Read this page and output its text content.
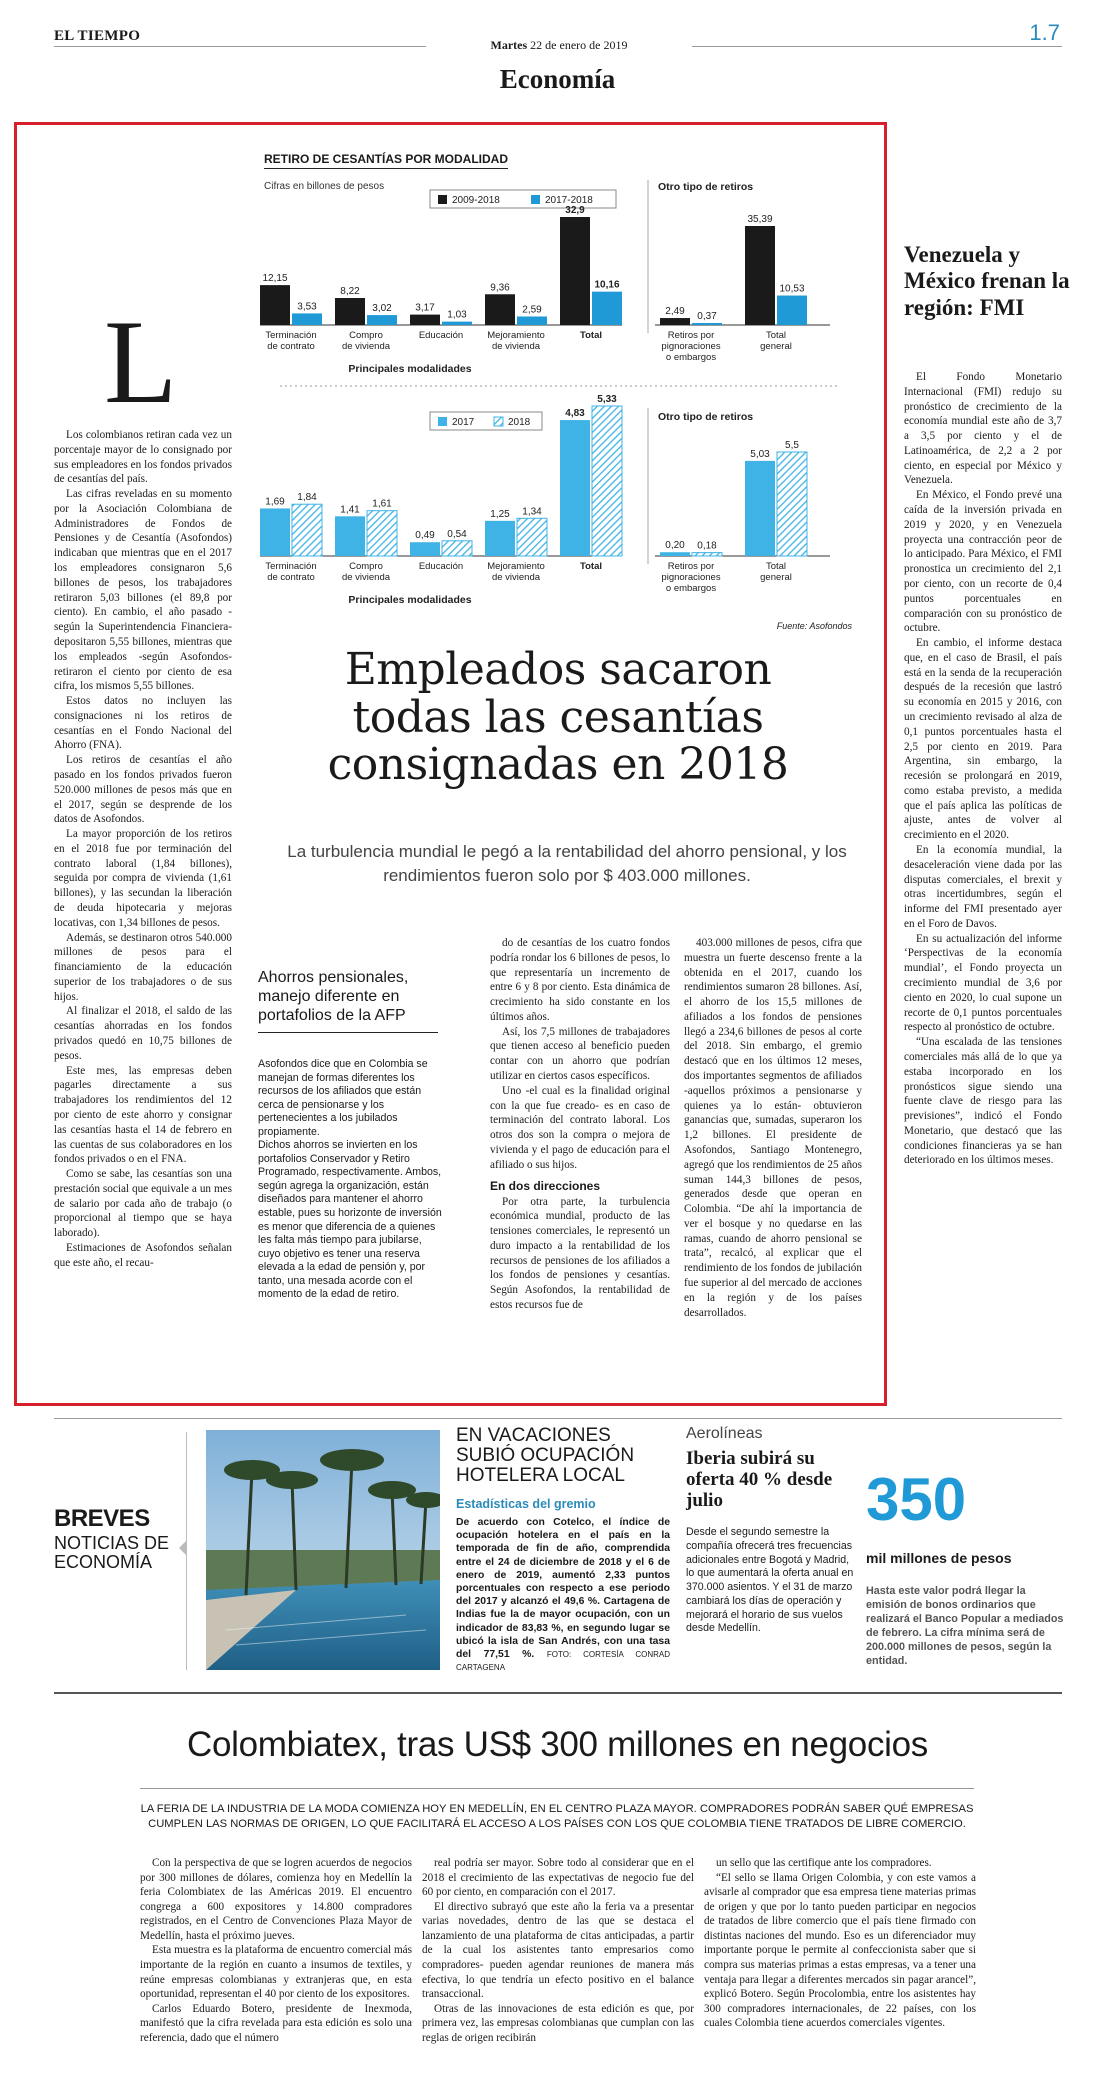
EL TIEMPO
Martes 22 de enero de 2019	1.7
Economía
RETIRO DE CESANTÍAS POR MODALIDAD
Cifras en billones de pesos
2009-2018	2017-2018
12,15
3,53
Terminación
de contrato
8,22
3,02
Compro
de vivienda
3,17
1,03
Educación
9,36
2,59
Mejoramiento
de vivienda
32,9
10,16
Total
Principales modalidades
Otro tipo de retiros
2,49 0,37
Retiros por
pignoraciones
o embargos
35,39
10,53
Total
general
2017	2018
1,69 1,84
Terminación
de contrato
1,41
1,61
Compro
de vivienda
0,49 0,54
Educación
1,25 1,34
Mejoramiento
de vivienda
4,83
5,33
Total
Principales modalidades
Otro tipo de retiros
0,20 0,18
Retiros por
pignoraciones
o embargos
5,03
5,5
Total
general
Fuente: Asofondos
L

Los colombianos retiran cada vez un porcentaje mayor de lo consignado por sus empleadores en los fondos privados de cesantías del país.

Las cifras reveladas en su momento por la Asociación Colombiana de Administradores de Fondos de Pensiones y de Cesantía (Asofondos) indicaban que mientras que en el 2017 los empleadores consignaron 5,6 billones de pesos, los trabajadores retiraron 5,03 billones (el 89,8 por ciento). En cambio, el año pasado -según la Superintendencia Financiera- depositaron 5,55 billones, mientras que los empleados -según Asofondos- retiraron el ciento por ciento de esa cifra, los mismos 5,55 billones.

Estos datos no incluyen las consignaciones ni los retiros de cesantías en el Fondo Nacional del Ahorro (FNA).

Los retiros de cesantías el año pasado en los fondos privados fueron 520.000 millones de pesos más que en el 2017, según se desprende de los datos de Asofondos.

La mayor proporción de los retiros en el 2018 fue por terminación del contrato laboral (1,84 billones), seguida por compra de vivienda (1,61 billones), y las secundan la liberación de deuda hipotecaria y mejoras locativas, con 1,34 billones de pesos.

Además, se destinaron otros 540.000 millones de pesos para el financiamiento de la educación superior de los trabajadores o de sus hijos.

Al finalizar el 2018, el saldo de las cesantías ahorradas en los fondos privados quedó en 10,75 billones de pesos.

Este mes, las empresas deben pagarles directamente a sus trabajadores los rendimientos del 12 por ciento de este ahorro y consignar las cesantías hasta el 14 de febrero en las cuentas de sus colaboradores en los fondos privados o en el FNA.

Como se sabe, las cesantías son una prestación social que equivale a un mes de salario por cada año de trabajo (o proporcional al tiempo que se haya laborado).

Estimaciones de Asofondos señalan que este año, el recau-

Empleados sacaron
todas las cesantías
consignadas en 2018
La turbulencia mundial le pegó a la rentabilidad del ahorro pensional, y los rendimientos fueron solo por $ 403.000 millones.
Ahorros pensionales, manejo diferente en portafolios de la AFP

Asofondos dice que en Colombia se manejan de formas diferentes los recursos de los afiliados que están cerca de pensionarse y los pertenecientes a los jubilados propiamente.

Dichos ahorros se invierten en los portafolios Conservador y Retiro Programado, respectivamente. Ambos, según agrega la organización, están diseñados para mantener el ahorro estable, pues su horizonte de inversión es menor que diferencia de a quienes les falta más tiempo para jubilarse, cuyo objetivo es tener una reserva elevada a la edad de pensión y, por tanto, una mesada acorde con el momento de la edad de retiro.

do de cesantías de los cuatro fondos podría rondar los 6 billones de pesos, lo que representaría un incremento de entre 6 y 8 por ciento. Esta dinámica de crecimiento ha sido constante en los últimos años.

Así, los 7,5 millones de trabajadores que tienen acceso al beneficio pueden contar con un ahorro que podrían utilizar en ciertos casos específicos.

Uno -el cual es la finalidad original con la que fue creado- es en caso de terminación del contrato laboral. Los otros dos son la compra o mejora de vivienda y el pago de educación para el afiliado o sus hijos.

En dos direcciones

Por otra parte, la turbulencia económica mundial, producto de las tensiones comerciales, le representó un duro impacto a la rentabilidad de los recursos de pensiones de los afiliados a los fondos de pensiones y cesantías. Según Asofondos, la rentabilidad de estos recursos fue de

403.000 millones de pesos, cifra que muestra un fuerte descenso frente a la obtenida en el 2017, cuando los rendimientos sumaron 28 billones. Así, el ahorro de los 15,5 millones de afiliados a los fondos de pensiones llegó a 234,6 billones de pesos al corte del 2018. Sin embargo, el gremio destacó que en los últimos 12 meses, dos importantes segmentos de afiliados -aquellos próximos a pensionarse y quienes ya lo están- obtuvieron ganancias que, sumadas, superaron los 1,2 billones. El presidente de Asofondos, Santiago Montenegro, agregó que los rendimientos de 25 años suman 144,3 billones de pesos, generados desde que operan en Colombia. “De ahí la importancia de ver el bosque y no quedarse en las ramas, cuando de ahorro pensional se trata”, recalcó, al explicar que el rendimiento de los fondos de jubilación fue superior al del mercado de acciones en la región y de los países desarrollados.

Venezuela y México frenan la región: FMI

El Fondo Monetario Internacional (FMI) redujo su pronóstico de crecimiento de la economía mundial este año de 3,7 a 3,5 por ciento y el de Latinoamérica, de 2,2 a 2 por ciento, en especial por México y Venezuela.

En México, el Fondo prevé una caída de la inversión privada en 2019 y 2020, y en Venezuela proyecta una contracción peor de lo anticipado. Para México, el FMI pronostica un crecimiento del 2,1 por ciento, con un recorte de 0,4 puntos porcentuales en comparación con su pronóstico de octubre.

En cambio, el informe destaca que, en el caso de Brasil, el país está en la senda de la recuperación después de la recesión que lastró su economía en 2015 y 2016, con un crecimiento revisado al alza de 0,1 puntos porcentuales hasta el 2,5 por ciento en 2019. Para Argentina, sin embargo, la recesión se prolongará en 2019, como estaba previsto, a medida que el país aplica las políticas de ajuste, antes de volver al crecimiento en el 2020.

En la economía mundial, la desaceleración viene dada por las disputas comerciales, el brexit y otras incertidumbres, según el informe del FMI presentado ayer en el Foro de Davos.

En su actualización del informe ‘Perspectivas de la economía mundial’, el Fondo proyecta un crecimiento mundial de 3,6 por ciento en 2020, lo cual supone un recorte de 0,1 puntos porcentuales respecto al pronóstico de octubre.

“Una escalada de las tensiones comerciales más allá de lo que ya estaba incorporado en los pronósticos sigue siendo una fuente clave de riesgo para las previsiones”, indicó el Fondo Monetario, que destacó que las condiciones financieras ya se han deteriorado en los últimos meses.

BREVES
NOTICIAS DE ECONOMÍA
EN VACACIONES SUBIÓ OCUPACIÓN HOTELERA LOCAL
Estadísticas del gremio
De acuerdo con Cotelco, el índice de ocupación hotelera en el país en la temporada de fin de año, comprendida entre el 24 de diciembre de 2018 y el 6 de enero de 2019, aumentó 2,33 puntos porcentuales con respecto a ese periodo del 2017 y alcanzó el 49,6 %. Cartagena de Indias fue la de mayor ocupación, con un indicador de 83,83 %, en segundo lugar se ubicó la isla de San Andrés, con una tasa del 77,51 %. FOTO: CORTESÍA CONRAD CARTAGENA
Aerolíneas
Iberia subirá su oferta 40 % desde julio
Desde el segundo semestre la compañía ofrecerá tres frecuencias adicionales entre Bogotá y Madrid, lo que aumentará la oferta anual en 370.000 asientos. Y el 31 de marzo cambiará los días de operación y mejorará el horario de sus vuelos desde Medellín.
350
mil millones de pesos
Hasta este valor podrá llegar la emisión de bonos ordinarios que realizará el Banco Popular a mediados de febrero. La cifra mínima será de 200.000 millones de pesos, según la entidad.
Colombiatex, tras US$ 300 millones en negocios
LA FERIA DE LA INDUSTRIA DE LA MODA COMIENZA HOY EN MEDELLÍN, EN EL CENTRO PLAZA MAYOR. COMPRADORES PODRÁN SABER QUÉ EMPRESAS CUMPLEN LAS NORMAS DE ORIGEN, LO QUE FACILITARÁ EL ACCESO A LOS PAÍSES CON LOS QUE COLOMBIA TIENE TRATADOS DE LIBRE COMERCIO.

Con la perspectiva de que se logren acuerdos de negocios por 300 millones de dólares, comienza hoy en Medellín la feria Colombiatex de las Américas 2019. El encuentro congrega a 600 expositores y 14.800 compradores registrados, en el Centro de Convenciones Plaza Mayor de Medellín, hasta el próximo jueves.

Esta muestra es la plataforma de encuentro comercial más importante de la región en cuanto a insumos de textiles, y reúne empresas colombianas y extranjeras que, en esta oportunidad, representan el 40 por ciento de los expositores.

Carlos Eduardo Botero, presidente de Inexmoda, manifestó que la cifra revelada para esta edición es solo una referencia, dado que el número

real podría ser mayor. Sobre todo al considerar que en el 2018 el crecimiento de las expectativas de negocio fue del 60 por ciento, en comparación con el 2017.

El directivo subrayó que este año la feria va a presentar varias novedades, dentro de las que se destaca el lanzamiento de una plataforma de citas anticipadas, a partir de la cual los asistentes tanto empresarios como compradores- pueden agendar reuniones de manera más efectiva, lo que tendría un efecto positivo en el balance transaccional.

Otras de las innovaciones de esta edición es que, por primera vez, las empresas colombianas que cumplan con las reglas de origen recibirán

un sello que las certifique ante los compradores.

“El sello se llama Origen Colombia, y con este vamos a avisarle al comprador que esa empresa tiene materias primas de origen y que por lo tanto pueden participar en negocios de tratados de libre comercio que el país tiene firmado con distintas naciones del mundo. Eso es un diferenciador muy importante porque le permite al confeccionista saber que si compra sus materias primas a estas empresas, va a tener una ventaja para llegar a diferentes mercados sin pagar arancel”, explicó Botero. Según Procolombia, entre los asistentes hay 300 compradores internacionales, de 22 países, con los cuales Colombia tiene acuerdos comerciales vigentes.
